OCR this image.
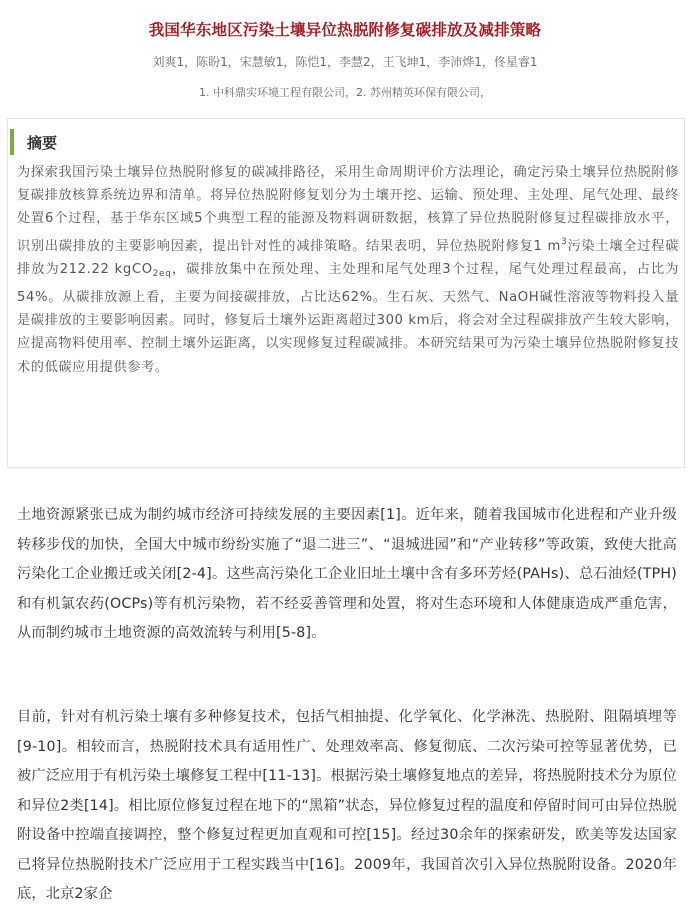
我国华东地区污染土壤异位热脱附修复碳排放及减排策略
刘爽1，陈盼1，宋慧敏1，陈恺1，李慧2，王飞坤1，李沛烨1，佟星睿1
1. 中科鼎实环境工程有限公司，2. 苏州精英环保有限公司，
摘要
为探索我国污染土壤异位热脱附修复的碳减排路径，采用生命周期评价方法理论，确定污染土壤异位热脱附修复碳排放核算系统边界和清单。将异位热脱附修复划分为土壤开挖、运输、预处理、主处理、尾气处理、最终处置6个过程，基于华东区域5个典型工程的能源及物料调研数据，核算了异位热脱附修复过程碳排放水平，识别出碳排放的主要影响因素，提出针对性的减排策略。结果表明，异位热脱附修复1 $m^3$污染土壤全过程碳排放为212.22 kgCO$_{2eq}$，碳排放集中在预处理、主处理和尾气处理3个过程，尾气处理过程最高，占比为54%。从碳排放源上看，主要为间接碳排放，占比达62%。生石灰、天然气、NaOH碱性溶液等物料投入量是碳排放的主要影响因素。同时，修复后土壤外运距离超过300 km后，将会对全过程碳排放产生较大影响，应提高物料使用率、控制土壤外运距离，以实现修复过程碳减排。本研究结果可为污染土壤异位热脱附修复技术的低碳应用提供参考。

土地资源紧张已成为制约城市经济可持续发展的主要因素[1]。近年来，随着我国城市化进程和产业升级转移步伐的加快，全国大中城市纷纷实施了“退二进三”、“退城进园”和“产业转移”等政策，致使大批高污染化工企业搬迁或关闭[2-4]。这些高污染化工企业旧址土壤中含有多环芳烃(PAHs)、总石油烃(TPH)和有机氯农药(OCPs)等有机污染物，若不经妥善管理和处置，将对生态环境和人体健康造成严重危害，从而制约城市土地资源的高效流转与利用[5-8]。

目前，针对有机污染土壤有多种修复技术，包括气相抽提、化学氧化、化学淋洗、热脱附、阻隔填埋等[9-10]。相较而言，热脱附技术具有适用性广、处理效率高、修复彻底、二次污染可控等显著优势，已被广泛应用于有机污染土壤修复工程中[11-13]。根据污染土壤修复地点的差异，将热脱附技术分为原位和异位2类[14]。相比原位修复过程在地下的“黑箱”状态，异位修复过程的温度和停留时间可由异位热脱附设备中控端直接调控，整个修复过程更加直观和可控[15]。经过30余年的探索研发，欧美等发达国家已将异位热脱附技术广泛应用于工程实践当中[16]。2009年，我国首次引入异位热脱附设备。2020年底，北京2家企
